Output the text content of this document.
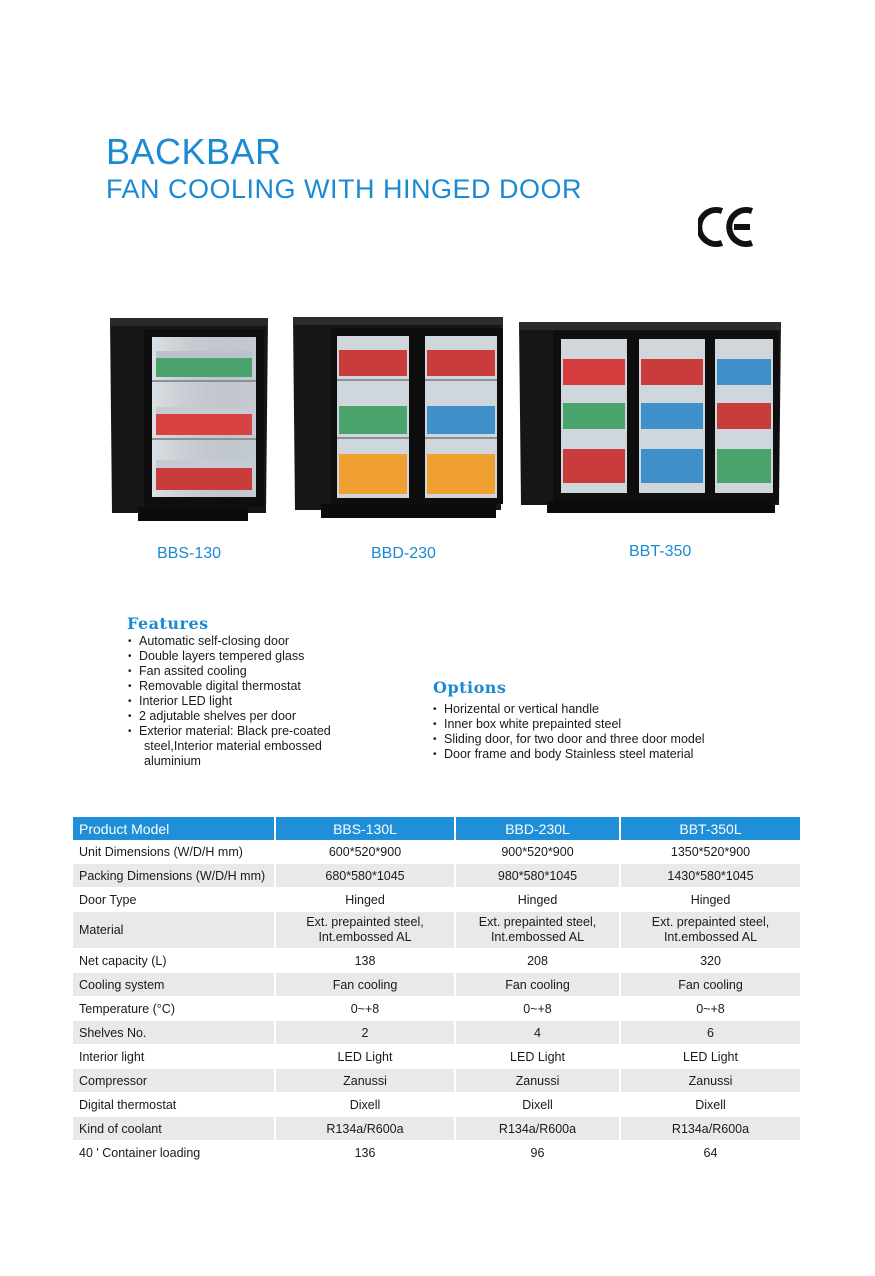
BACKBAR
FAN COOLING WITH HINGED DOOR
BBS-130	BBD-230	BBT-350
Features
• Automatic self-closing door
• Double layers tempered glass
• Fan assited cooling
• Removable digital thermostat
• Interior LED light
• 2 adjutable shelves per door
• Exterior material: Black pre-coated steel,Interior material embossed aluminium
Options
• Horizental or vertical handle
• Inner box white prepainted steel
• Sliding door, for two door and three door model
• Door frame and body Stainless steel material
Product Model	BBS-130L	BBD-230L	BBT-350L
Unit Dimensions (W/D/H mm)	600*520*900	900*520*900	1350*520*900
Packing Dimensions (W/D/H mm)	680*580*1045	980*580*1045	1430*580*1045
Door Type	Hinged	Hinged	Hinged
Material	Ext. prepainted steel, Int.embossed AL	Ext. prepainted steel, Int.embossed AL	Ext. prepainted steel, Int.embossed AL
Net capacity (L)	138	208	320
Cooling system	Fan cooling	Fan cooling	Fan cooling
Temperature (°C)	0~+8	0~+8	0~+8
Shelves No.	2	4	6
Interior light	LED Light	LED Light	LED Light
Compressor	Zanussi	Zanussi	Zanussi
Digital thermostat	Dixell	Dixell	Dixell
Kind of coolant	R134a/R600a	R134a/R600a	R134a/R600a
40 ' Container loading	136	96	64
